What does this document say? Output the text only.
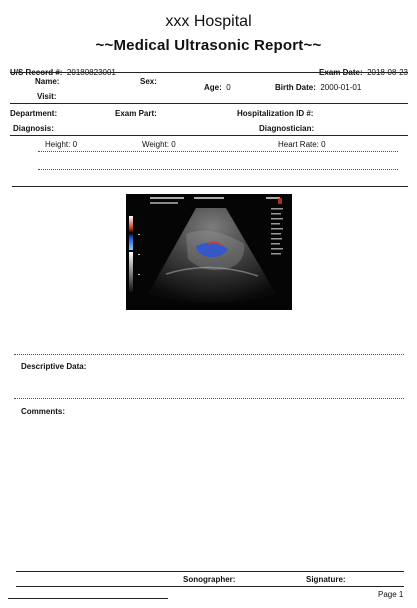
xxx Hospital
~~Medical Ultrasonic Report~~
U/S Record #: 20180823001	Exam Date: 2018-08-23
Name:	Sex:
Age: 0	Birth Date: 2000-01-01
Visit:
Department:	Exam Part:	Hospitalization ID #:
Diagnosis:	Diagnostician:
Height: 0	Weight: 0	Heart Rate: 0
Descriptive Data:
Comments:
Sonographer:	Signature:
Page 1
